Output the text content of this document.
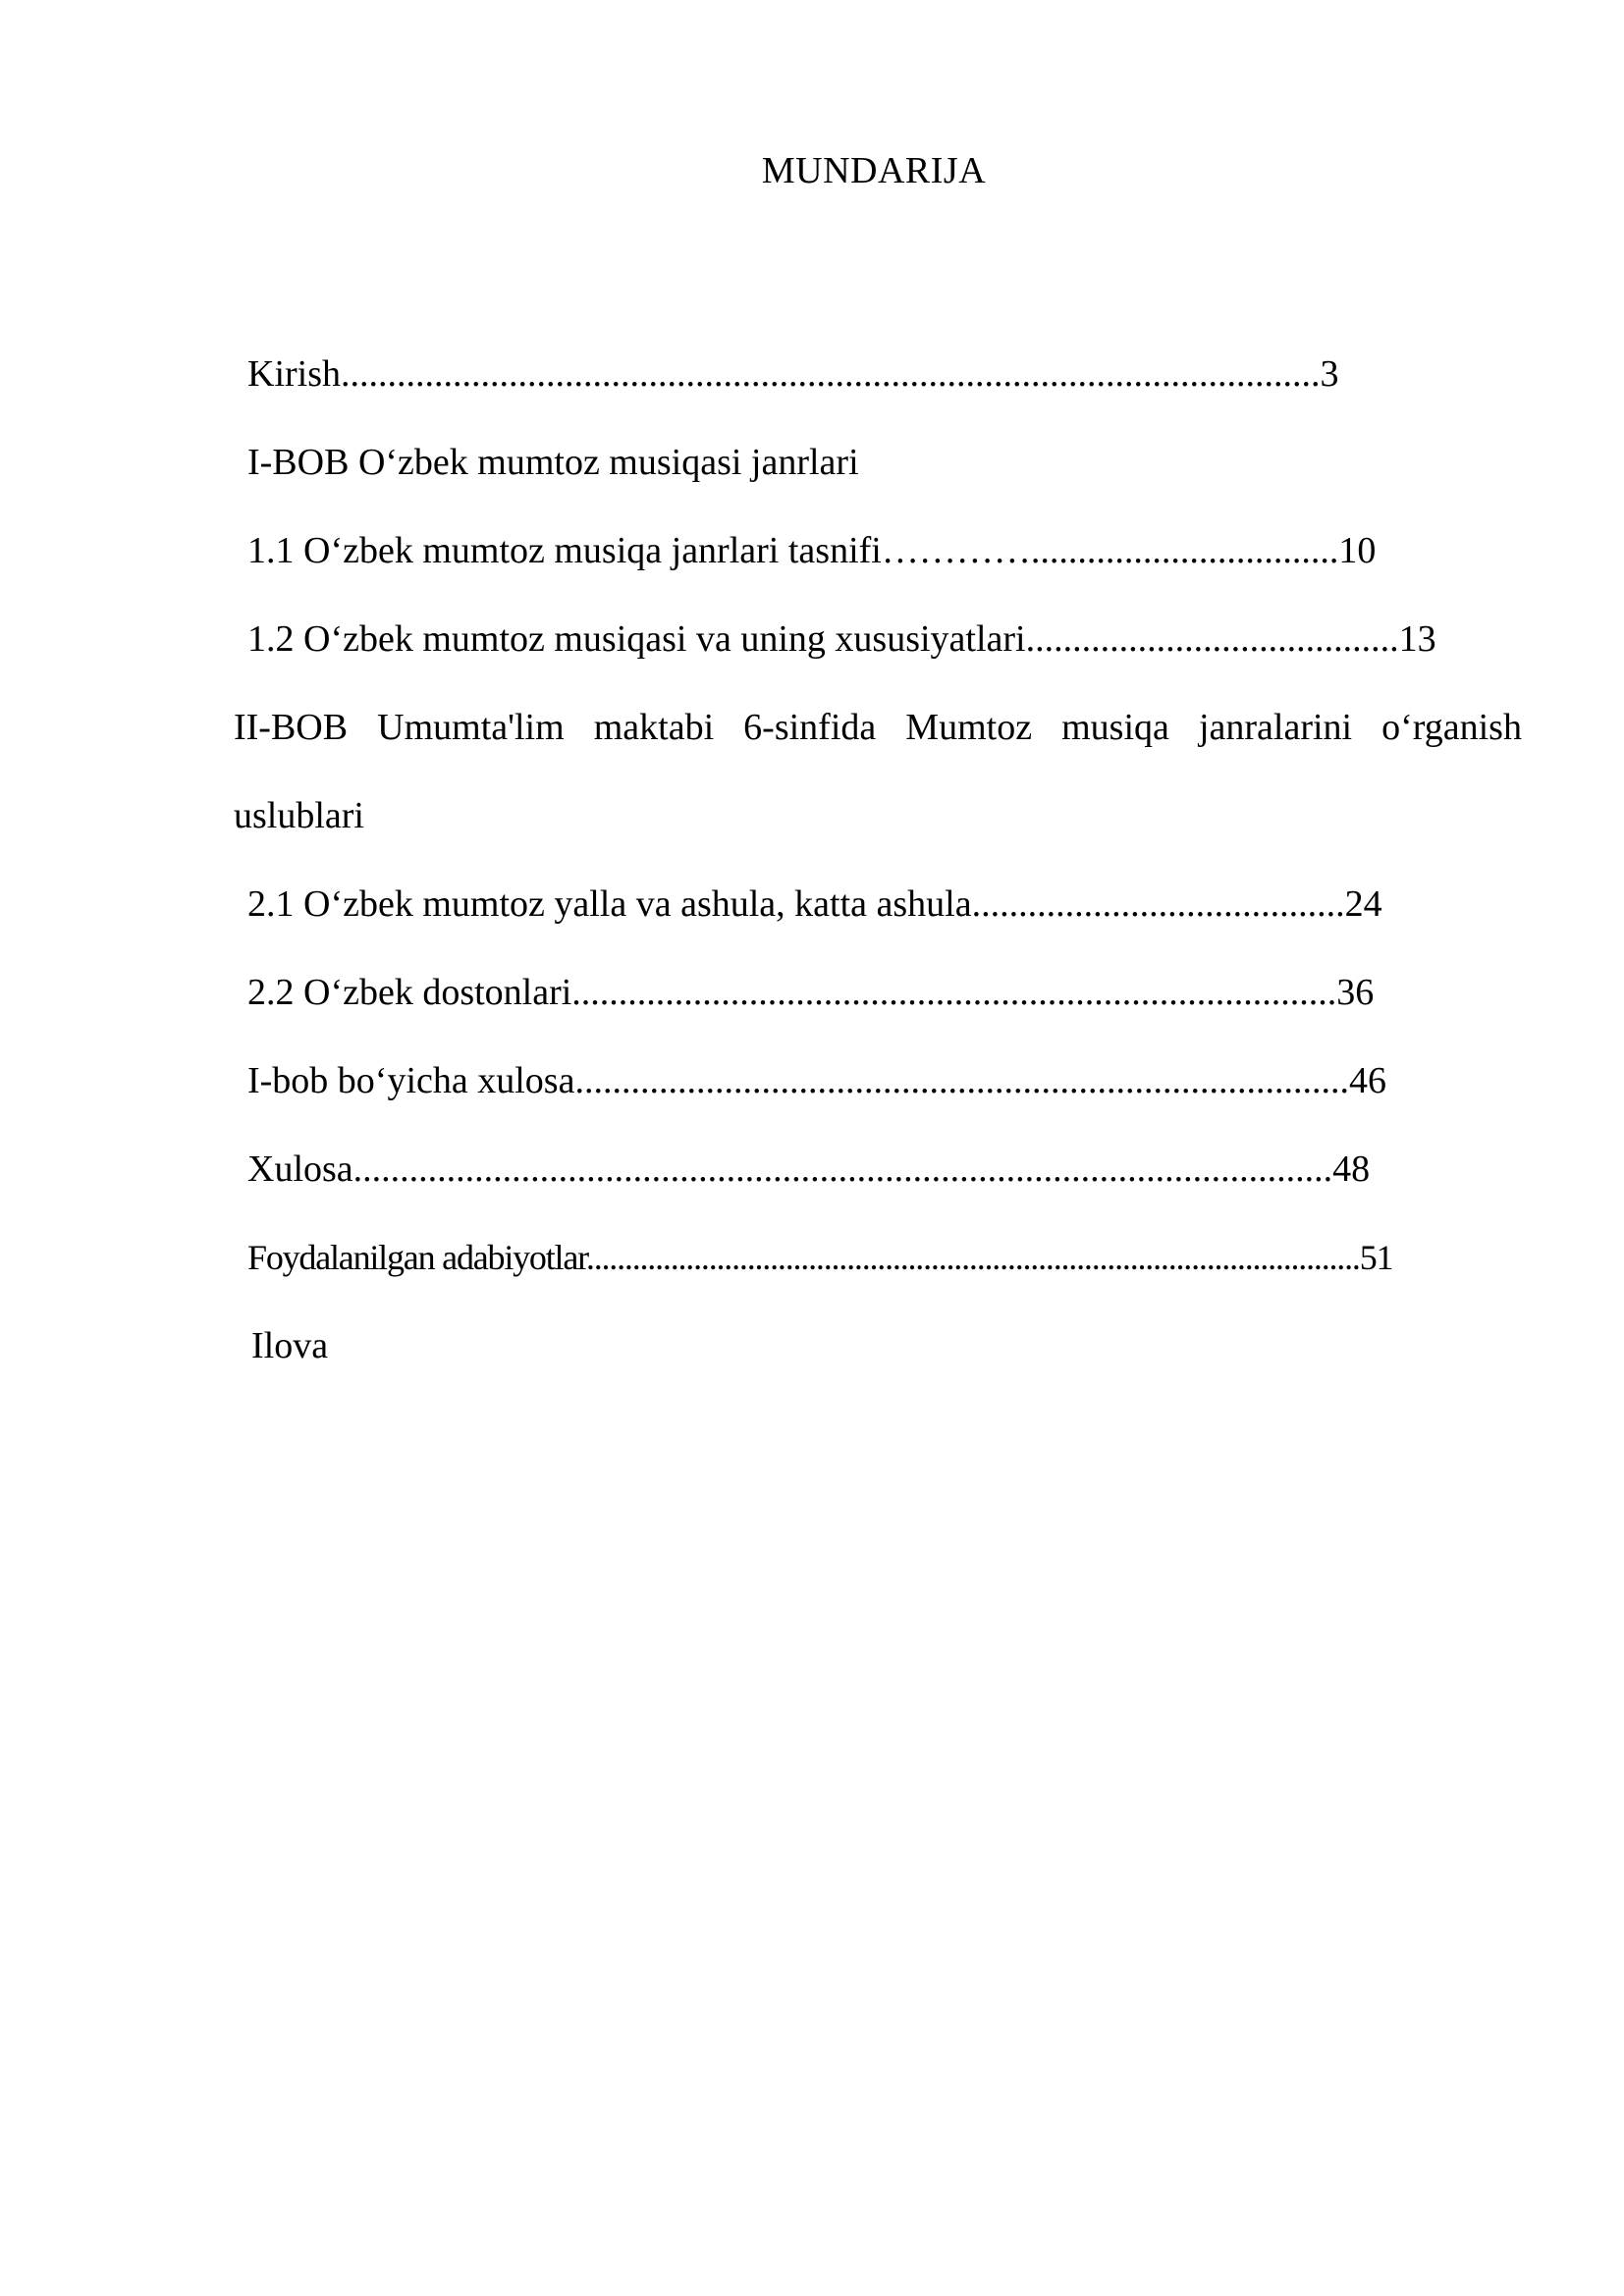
MUNDARIJA

Kirish.........................................................................................................3

I-BOB O‘zbek mumtoz musiqasi janrlari

1.1 O‘zbek mumtoz musiqa janrlari tasnifi………….................................10

1.2 O‘zbek mumtoz musiqasi va uning xususiyatlari........................................13

II-BOB Umumta'lim maktabi 6-sinfida Mumtoz musiqa janralarini o‘rganish

uslublari

2.1 O‘zbek mumtoz yalla va ashula, katta ashula........................................24

2.2 O‘zbek dostonlari..................................................................................36

I-bob bo‘yicha xulosa...................................................................................46

Xulosa.........................................................................................................48

Foydalanilgan adabiyotlar.....................................................................................................51

Ilova
